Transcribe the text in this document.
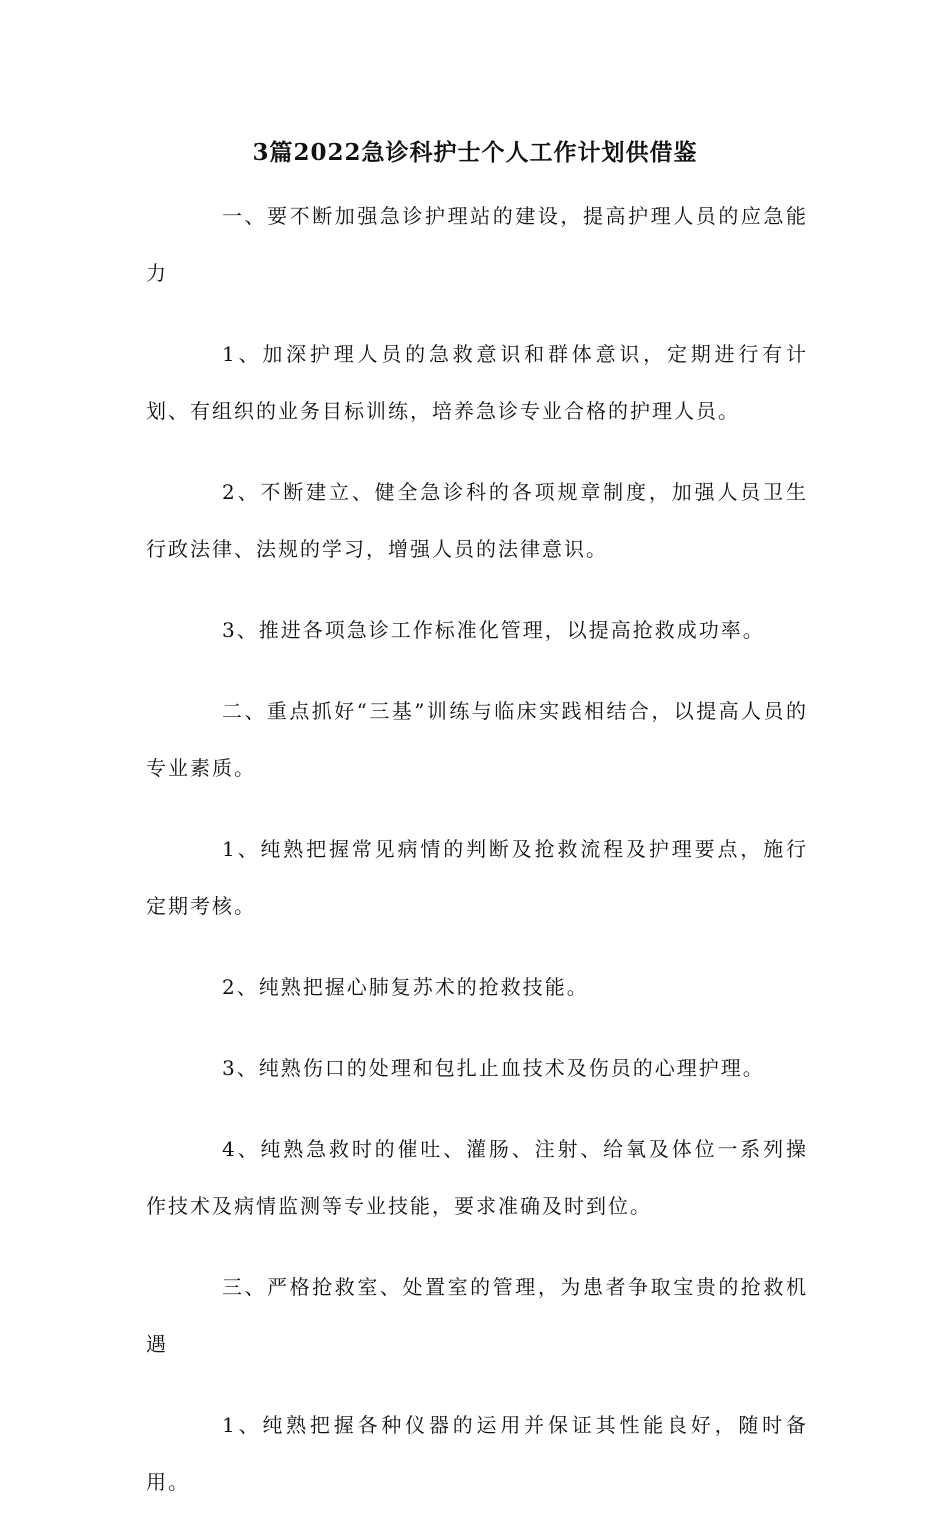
3篇2022急诊科护士个人工作计划供借鉴

一、要不断加强急诊护理站的建设，提高护理人员的应急能力

1、加深护理人员的急救意识和群体意识，定期进行有计划、有组织的业务目标训练，培养急诊专业合格的护理人员。

2、不断建立、健全急诊科的各项规章制度，加强人员卫生行政法律、法规的学习，增强人员的法律意识。

3、推进各项急诊工作标准化管理，以提高抢救成功率。

二、重点抓好“三基”训练与临床实践相结合，以提高人员的专业素质。

1、纯熟把握常见病情的判断及抢救流程及护理要点，施行定期考核。

2、纯熟把握心肺复苏术的抢救技能。

3、纯熟伤口的处理和包扎止血技术及伤员的心理护理。

4、纯熟急救时的催吐、灌肠、注射、给氧及体位一系列操作技术及病情监测等专业技能，要求准确及时到位。

三、严格抢救室、处置室的管理，为患者争取宝贵的抢救机遇

1、纯熟把握各种仪器的运用并保证其性能良好，随时备用。
